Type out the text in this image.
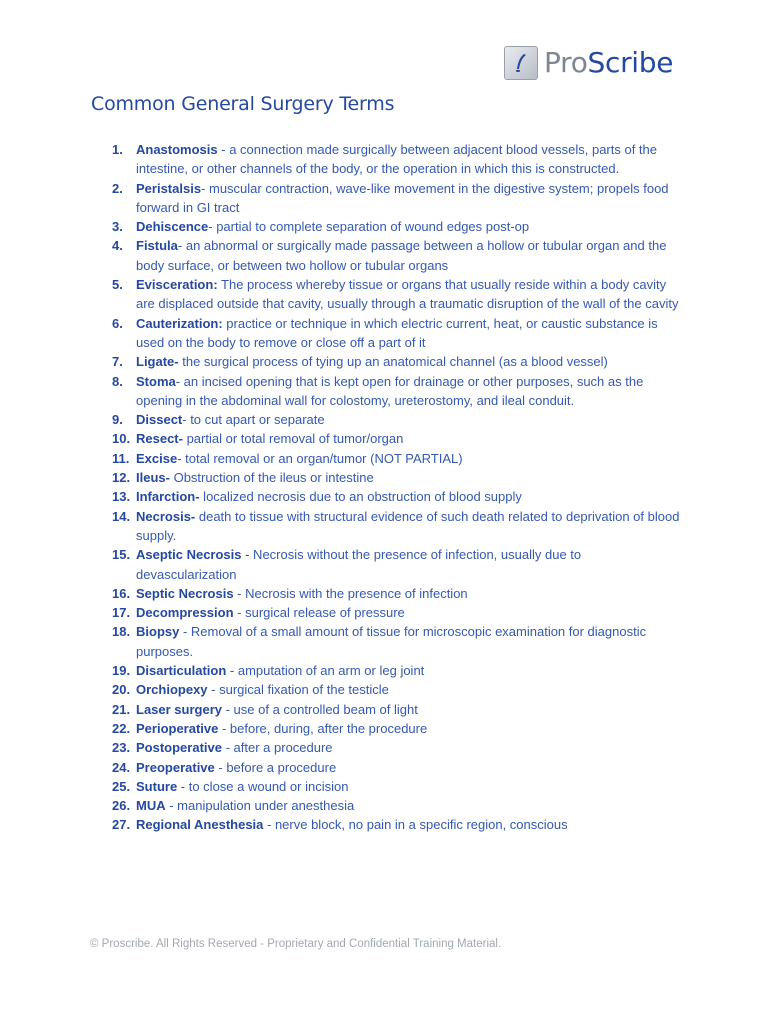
ProScribe
Common General Surgery Terms
1. Anastomosis - a connection made surgically between adjacent blood vessels, parts of the intestine, or other channels of the body, or the operation in which this is constructed.
2. Peristalsis- muscular contraction, wave-like movement in the digestive system; propels food forward in GI tract
3. Dehiscence- partial to complete separation of wound edges post-op
4. Fistula- an abnormal or surgically made passage between a hollow or tubular organ and the body surface, or between two hollow or tubular organs
5. Evisceration: The process whereby tissue or organs that usually reside within a body cavity are displaced outside that cavity, usually through a traumatic disruption of the wall of the cavity
6. Cauterization: practice or technique in which electric current, heat, or caustic substance is used on the body to remove or close off a part of it
7. Ligate- the surgical process of tying up an anatomical channel (as a blood vessel)
8. Stoma- an incised opening that is kept open for drainage or other purposes, such as the opening in the abdominal wall for colostomy, ureterostomy, and ileal conduit.
9. Dissect- to cut apart or separate
10. Resect- partial or total removal of tumor/organ
11. Excise- total removal or an organ/tumor (NOT PARTIAL)
12. Ileus- Obstruction of the ileus or intestine
13. Infarction- localized necrosis due to an obstruction of blood supply
14. Necrosis- death to tissue with structural evidence of such death related to deprivation of blood supply.
15. Aseptic Necrosis - Necrosis without the presence of infection, usually due to devascularization
16. Septic Necrosis - Necrosis with the presence of infection
17. Decompression - surgical release of pressure
18. Biopsy - Removal of a small amount of tissue for microscopic examination for diagnostic purposes.
19. Disarticulation - amputation of an arm or leg joint
20. Orchiopexy - surgical fixation of the testicle
21. Laser surgery - use of a controlled beam of light
22. Perioperative - before, during, after the procedure
23. Postoperative - after a procedure
24. Preoperative - before a procedure
25. Suture - to close a wound or incision
26. MUA - manipulation under anesthesia
27. Regional Anesthesia - nerve block, no pain in a specific region, conscious
© Proscribe. All Rights Reserved - Proprietary and Confidential Training Material.
